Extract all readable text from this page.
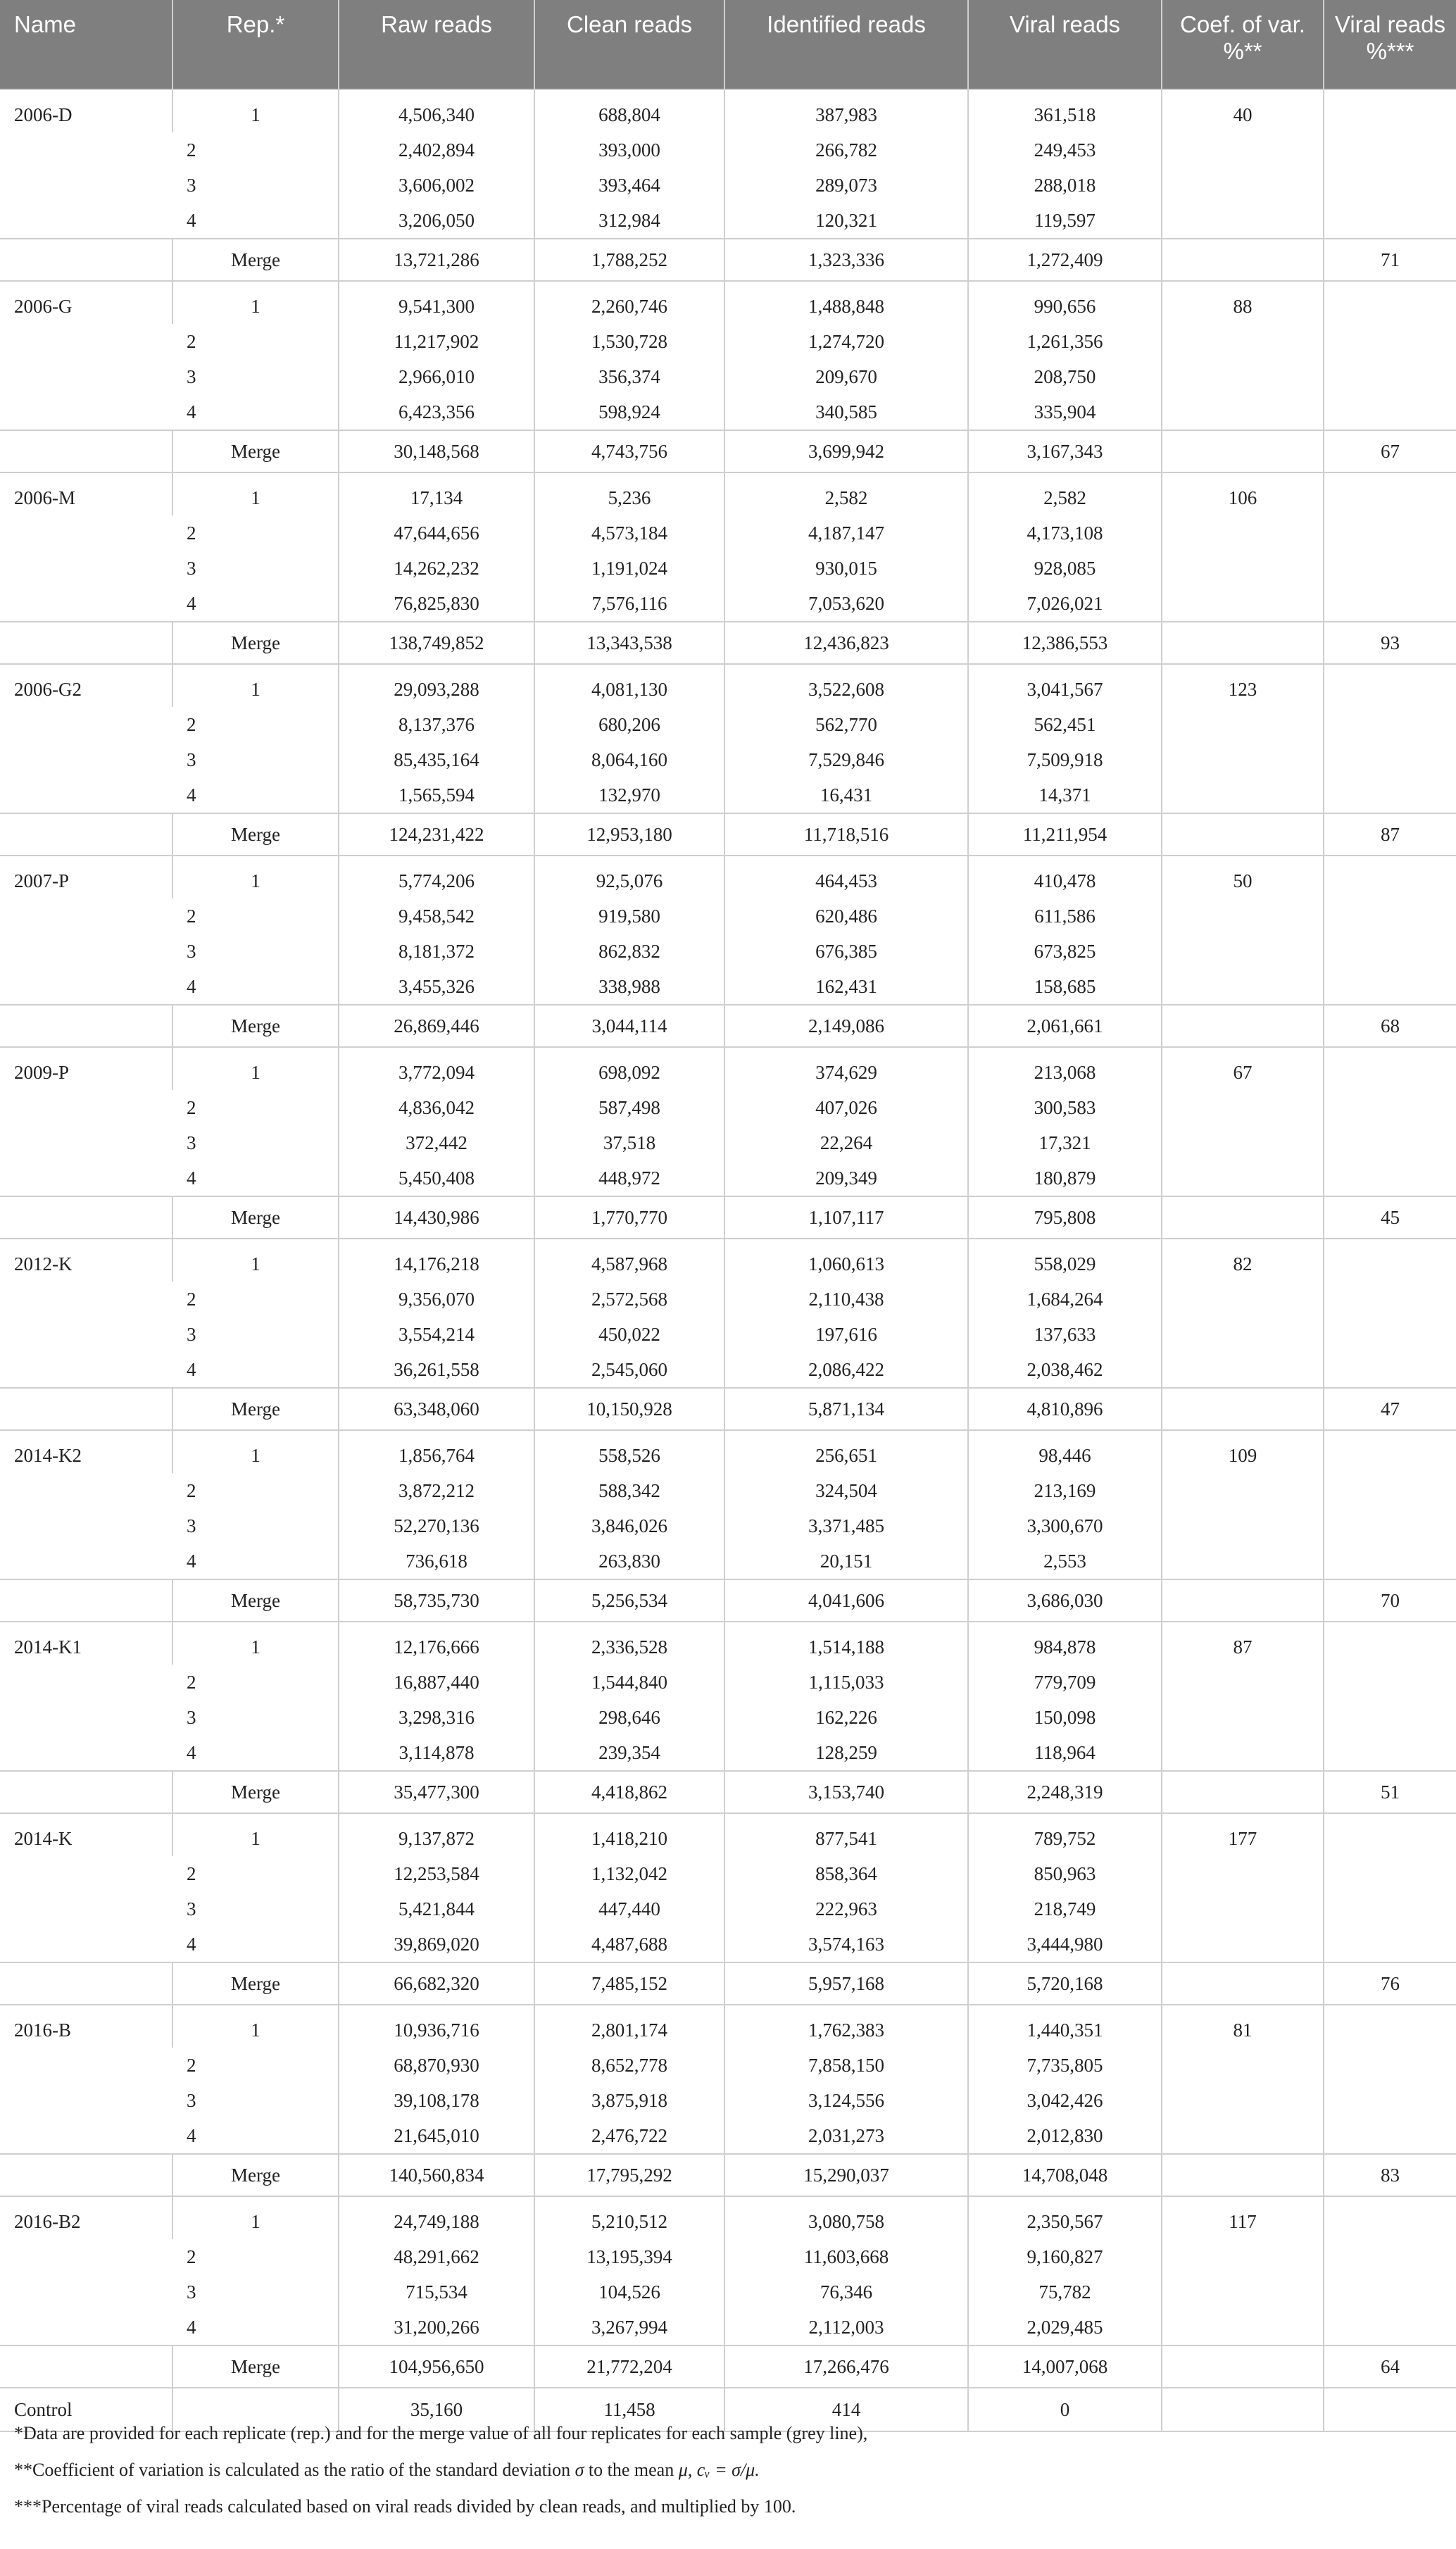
Name	Rep.*	Raw reads	Clean reads	Identified reads	Viral reads	Coef. of var. %**	Viral reads %***
2006-D	1	4,506,340	688,804	387,983	361,518	40	
	2	2,402,894	393,000	266,782	249,453		
	3	3,606,002	393,464	289,073	288,018		
	4	3,206,050	312,984	120,321	119,597		
	Merge	13,721,286	1,788,252	1,323,336	1,272,409		71
2006-G	1	9,541,300	2,260,746	1,488,848	990,656	88	
	2	11,217,902	1,530,728	1,274,720	1,261,356		
	3	2,966,010	356,374	209,670	208,750		
	4	6,423,356	598,924	340,585	335,904		
	Merge	30,148,568	4,743,756	3,699,942	3,167,343		67
2006-M	1	17,134	5,236	2,582	2,582	106	
	2	47,644,656	4,573,184	4,187,147	4,173,108		
	3	14,262,232	1,191,024	930,015	928,085		
	4	76,825,830	7,576,116	7,053,620	7,026,021		
	Merge	138,749,852	13,343,538	12,436,823	12,386,553		93
2006-G2	1	29,093,288	4,081,130	3,522,608	3,041,567	123	
	2	8,137,376	680,206	562,770	562,451		
	3	85,435,164	8,064,160	7,529,846	7,509,918		
	4	1,565,594	132,970	16,431	14,371		
	Merge	124,231,422	12,953,180	11,718,516	11,211,954		87
2007-P	1	5,774,206	92,5,076	464,453	410,478	50	
	2	9,458,542	919,580	620,486	611,586		
	3	8,181,372	862,832	676,385	673,825		
	4	3,455,326	338,988	162,431	158,685		
	Merge	26,869,446	3,044,114	2,149,086	2,061,661		68
2009-P	1	3,772,094	698,092	374,629	213,068	67	
	2	4,836,042	587,498	407,026	300,583		
	3	372,442	37,518	22,264	17,321		
	4	5,450,408	448,972	209,349	180,879		
	Merge	14,430,986	1,770,770	1,107,117	795,808		45
2012-K	1	14,176,218	4,587,968	1,060,613	558,029	82	
	2	9,356,070	2,572,568	2,110,438	1,684,264		
	3	3,554,214	450,022	197,616	137,633		
	4	36,261,558	2,545,060	2,086,422	2,038,462		
	Merge	63,348,060	10,150,928	5,871,134	4,810,896		47
2014-K2	1	1,856,764	558,526	256,651	98,446	109	
	2	3,872,212	588,342	324,504	213,169		
	3	52,270,136	3,846,026	3,371,485	3,300,670		
	4	736,618	263,830	20,151	2,553		
	Merge	58,735,730	5,256,534	4,041,606	3,686,030		70
2014-K1	1	12,176,666	2,336,528	1,514,188	984,878	87	
	2	16,887,440	1,544,840	1,115,033	779,709		
	3	3,298,316	298,646	162,226	150,098		
	4	3,114,878	239,354	128,259	118,964		
	Merge	35,477,300	4,418,862	3,153,740	2,248,319		51
2014-K	1	9,137,872	1,418,210	877,541	789,752	177	
	2	12,253,584	1,132,042	858,364	850,963		
	3	5,421,844	447,440	222,963	218,749		
	4	39,869,020	4,487,688	3,574,163	3,444,980		
	Merge	66,682,320	7,485,152	5,957,168	5,720,168		76
2016-B	1	10,936,716	2,801,174	1,762,383	1,440,351	81	
	2	68,870,930	8,652,778	7,858,150	7,735,805		
	3	39,108,178	3,875,918	3,124,556	3,042,426		
	4	21,645,010	2,476,722	2,031,273	2,012,830		
	Merge	140,560,834	17,795,292	15,290,037	14,708,048		83
2016-B2	1	24,749,188	5,210,512	3,080,758	2,350,567	117	
	2	48,291,662	13,195,394	11,603,668	9,160,827		
	3	715,534	104,526	76,346	75,782		
	4	31,200,266	3,267,994	2,112,003	2,029,485		
	Merge	104,956,650	21,772,204	17,266,476	14,007,068		64
Control		35,160	11,458	414	0		

*Data are provided for each replicate (rep.) and for the merge value of all four replicates for each sample (grey line),

**Coefficient of variation is calculated as the ratio of the standard deviation σ to the mean μ, cᵥ = σ/μ.

***Percentage of viral reads calculated based on viral reads divided by clean reads, and multiplied by 100.
